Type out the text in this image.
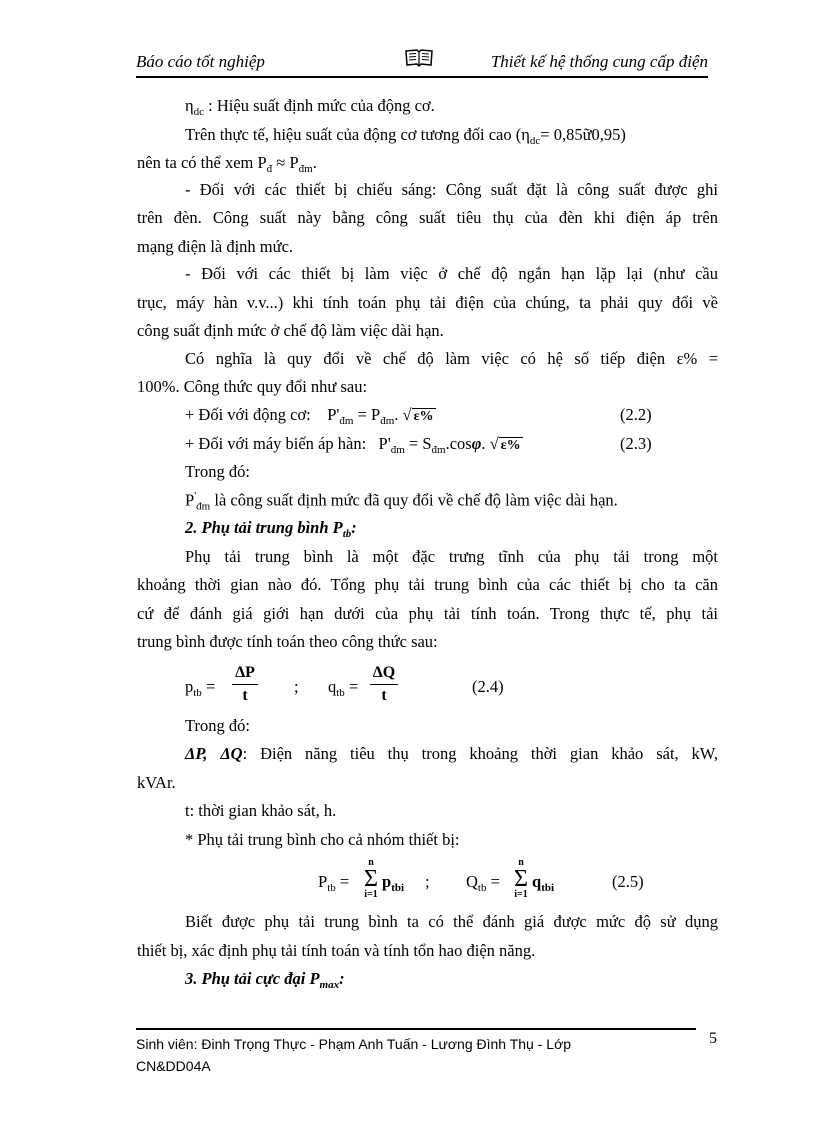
Báo cáo tốt nghiệp	Thiết kế hệ thống cung cấp điện
$\eta_{dc}$ : Hiệu suất định mức của động cơ.
Trên thực tế, hiệu suất của động cơ tương đối cao ($\eta_{dc}=$ 0,85ữ0,95)
nên ta có thể xem $P_đ \approx P_{đm}$.
- Đối với các thiết bị chiếu sáng: Công suất đặt là công suất được ghi
trên đèn. Công suất này bằng công suất tiêu thụ của đèn khi điện áp trên
mạng điện là định mức.
- Đối với các thiết bị làm việc ở chế độ ngắn hạn lặp lại (như cầu
trục, máy hàn v.v...) khi tính toán phụ tải điện của chúng, ta phải quy đổi về
công suất định mức ở chế độ làm việc dài hạn.
Có nghĩa là quy đổi về chế độ làm việc có hệ số tiếp điện ε% =
100%. Công thức quy đổi như sau:
+ Đối với động cơ: $P'_{đm} = P_{đm}$. √ ε%	(2.2)
+ Đối với máy biến áp hàn: $P'_{đm} = S_{đm}.\cos\varphi$. √ ε%	(2.3)
Trong đó:
$P'_{đm}$ là công suất định mức đã quy đổi về chế độ làm việc dài hạn.
2. Phụ tải trung bình $P_{tb}$:
Phụ tải trung bình là một đặc trưng tĩnh của phụ tải trong một
khoảng thời gian nào đó. Tổng phụ tải trung bình của các thiết bị cho ta căn
cứ để đánh giá giới hạn dưới của phụ tải tính toán. Trong thực tế, phụ tải
trung bình được tính toán theo công thức sau:
$p_{tb}$ =
ΔP
t	; $q_{tb}$ =
ΔQ
t	(2.4)
Trong đó:
ΔP, ΔQ: Điện năng tiêu thụ trong khoảng thời gian khảo sát, kW,
kVAr.
t: thời gian khảo sát, h.
* Phụ tải trung bình cho cả nhóm thiết bị:
$P_{tb}$ =
n
Σ
i=1
$p_{tbi}$ ; $Q_{tb}$ =
n
Σ
i=1
$q_{tbi}$	(2.5)
Biết được phụ tải trung bình ta có thể đánh giá được mức độ sử dụng
thiết bị, xác định phụ tải tính toán và tính tổn hao điện năng.
3. Phụ tải cực đại $P_{max}$:
Sinh viên: Đinh Trọng Thực - Phạm Anh Tuấn - Lương Đình Thụ - Lớp
CN&DD04A
5
